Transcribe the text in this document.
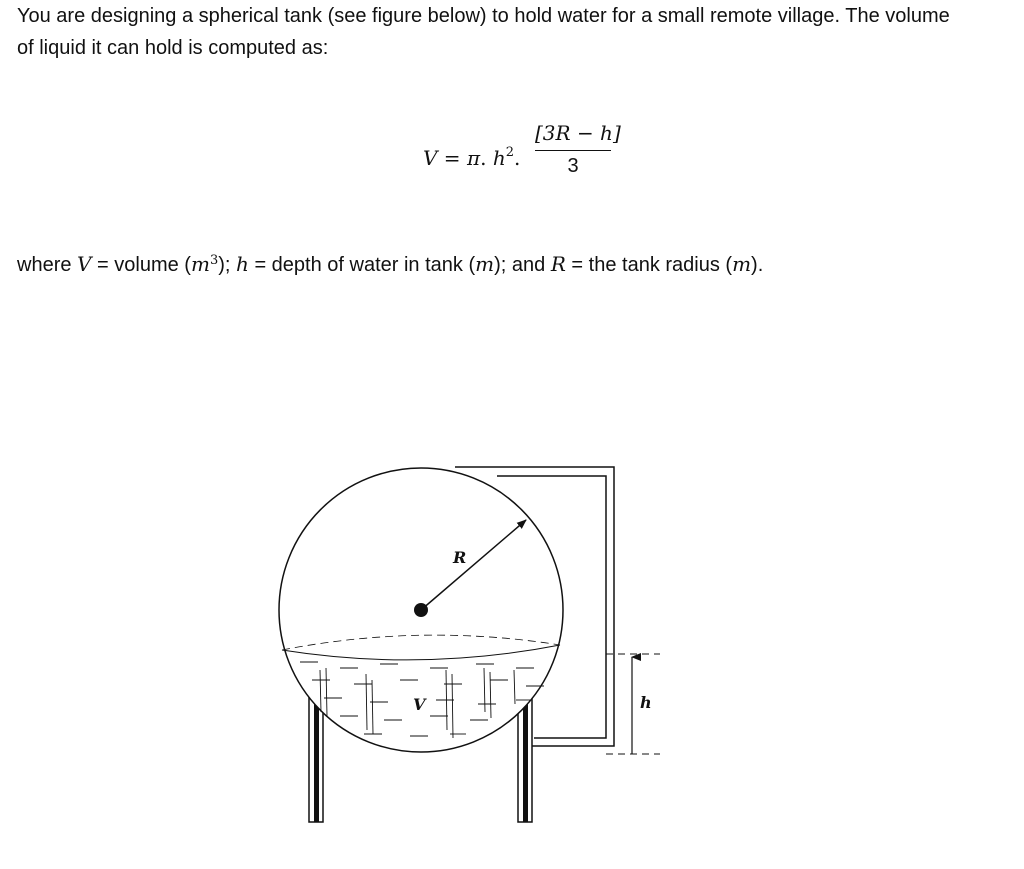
You are designing a spherical tank (see figure below) to hold water for a small remote village. The volume
of liquid it can hold is computed as:
V = π. $h^2$.
[3R − h]
3
where V = volume $(m^3)$; h = depth of water in tank (m); and R = the tank radius (m).
R
V	h
